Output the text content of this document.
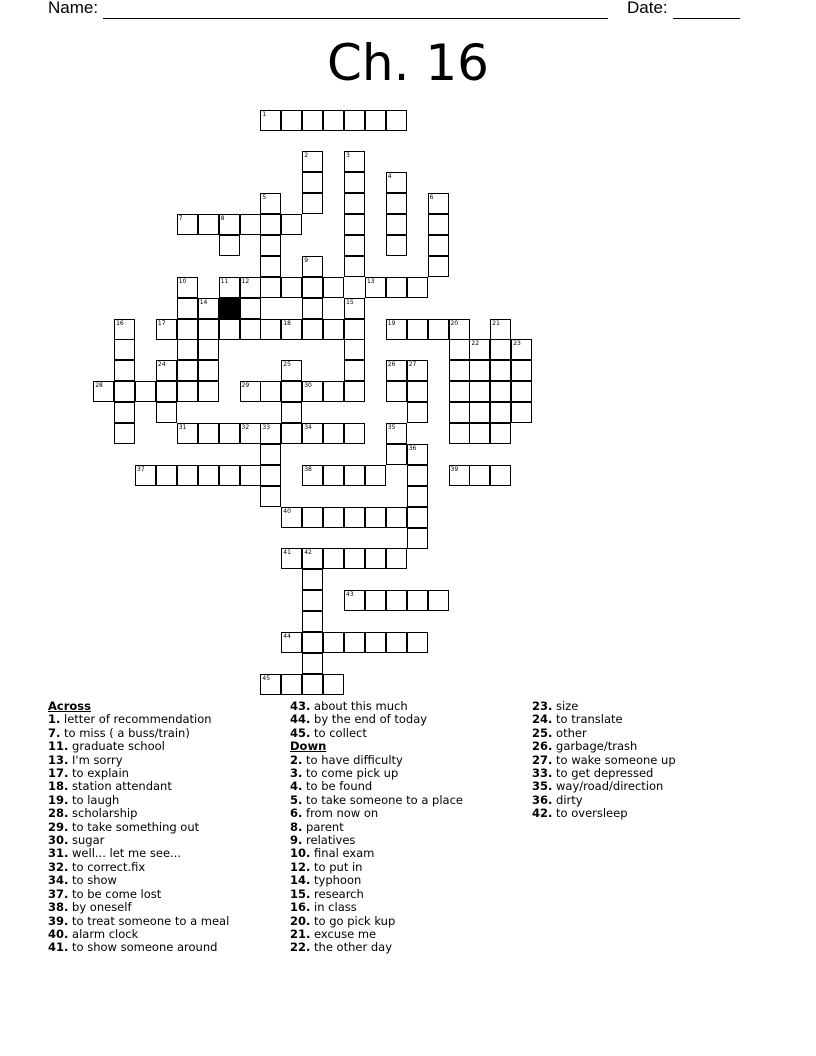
Name:	Date:
Ch. 16
1
2	3
4
5	6
7	8
9
10	11 12	13
14	15
16	17	18	19	20	21
22	23
24	25	26 27
28	29	30
31	32 33	34	35
36
37	38	39
40
41 42
43
44
45
Across
1. letter of recommendation
7. to miss ( a buss/train)
11. graduate school
13. I'm sorry
17. to explain
18. station attendant
19. to laugh
28. scholarship
29. to take something out
30. sugar
31. well... let me see...
32. to correct.fix
34. to show
37. to be come lost
38. by oneself
39. to treat someone to a meal
40. alarm clock
41. to show someone around
43. about this much
44. by the end of today
45. to collect
Down
2. to have difficulty
3. to come pick up
4. to be found
5. to take someone to a place
6. from now on
8. parent
9. relatives
10. final exam
12. to put in
14. typhoon
15. research
16. in class
20. to go pick kup
21. excuse me
22. the other day
23. size
24. to translate
25. other
26. garbage/trash
27. to wake someone up
33. to get depressed
35. way/road/direction
36. dirty
42. to oversleep
